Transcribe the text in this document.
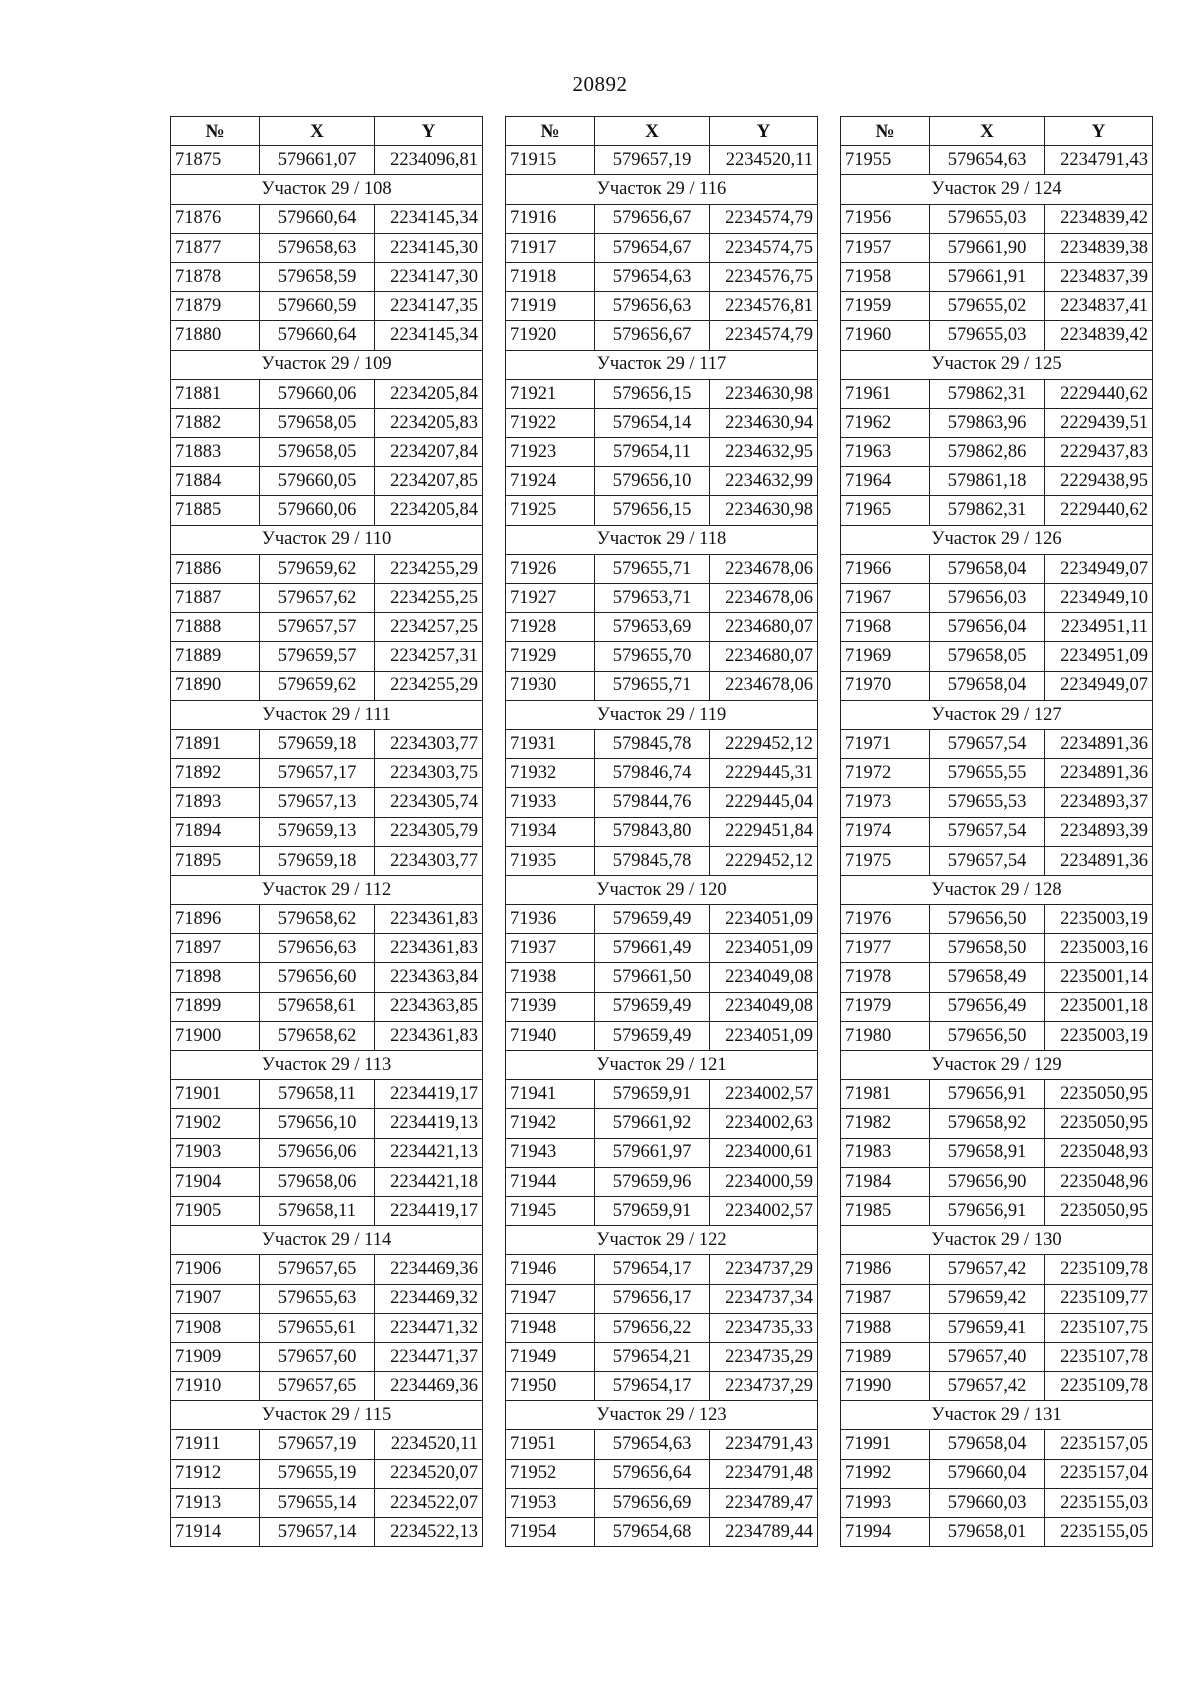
20892
№	X	Y
71875	579661,07	2234096,81
Участок 29 / 108		
71876	579660,64	2234145,34
71877	579658,63	2234145,30
71878	579658,59	2234147,30
71879	579660,59	2234147,35
71880	579660,64	2234145,34
Участок 29 / 109		
71881	579660,06	2234205,84
71882	579658,05	2234205,83
71883	579658,05	2234207,84
71884	579660,05	2234207,85
71885	579660,06	2234205,84
Участок 29 / 110		
71886	579659,62	2234255,29
71887	579657,62	2234255,25
71888	579657,57	2234257,25
71889	579659,57	2234257,31
71890	579659,62	2234255,29
Участок 29 / 111		
71891	579659,18	2234303,77
71892	579657,17	2234303,75
71893	579657,13	2234305,74
71894	579659,13	2234305,79
71895	579659,18	2234303,77
Участок 29 / 112		
71896	579658,62	2234361,83
71897	579656,63	2234361,83
71898	579656,60	2234363,84
71899	579658,61	2234363,85
71900	579658,62	2234361,83
Участок 29 / 113		
71901	579658,11	2234419,17
71902	579656,10	2234419,13
71903	579656,06	2234421,13
71904	579658,06	2234421,18
71905	579658,11	2234419,17
Участок 29 / 114		
71906	579657,65	2234469,36
71907	579655,63	2234469,32
71908	579655,61	2234471,32
71909	579657,60	2234471,37
71910	579657,65	2234469,36
Участок 29 / 115		
71911	579657,19	2234520,11
71912	579655,19	2234520,07
71913	579655,14	2234522,07
71914	579657,14	2234522,13
№	X	Y
71915	579657,19	2234520,11
Участок 29 / 116		
71916	579656,67	2234574,79
71917	579654,67	2234574,75
71918	579654,63	2234576,75
71919	579656,63	2234576,81
71920	579656,67	2234574,79
Участок 29 / 117		
71921	579656,15	2234630,98
71922	579654,14	2234630,94
71923	579654,11	2234632,95
71924	579656,10	2234632,99
71925	579656,15	2234630,98
Участок 29 / 118		
71926	579655,71	2234678,06
71927	579653,71	2234678,06
71928	579653,69	2234680,07
71929	579655,70	2234680,07
71930	579655,71	2234678,06
Участок 29 / 119		
71931	579845,78	2229452,12
71932	579846,74	2229445,31
71933	579844,76	2229445,04
71934	579843,80	2229451,84
71935	579845,78	2229452,12
Участок 29 / 120		
71936	579659,49	2234051,09
71937	579661,49	2234051,09
71938	579661,50	2234049,08
71939	579659,49	2234049,08
71940	579659,49	2234051,09
Участок 29 / 121		
71941	579659,91	2234002,57
71942	579661,92	2234002,63
71943	579661,97	2234000,61
71944	579659,96	2234000,59
71945	579659,91	2234002,57
Участок 29 / 122		
71946	579654,17	2234737,29
71947	579656,17	2234737,34
71948	579656,22	2234735,33
71949	579654,21	2234735,29
71950	579654,17	2234737,29
Участок 29 / 123		
71951	579654,63	2234791,43
71952	579656,64	2234791,48
71953	579656,69	2234789,47
71954	579654,68	2234789,44
№	X	Y
71955	579654,63	2234791,43
Участок 29 / 124		
71956	579655,03	2234839,42
71957	579661,90	2234839,38
71958	579661,91	2234837,39
71959	579655,02	2234837,41
71960	579655,03	2234839,42
Участок 29 / 125		
71961	579862,31	2229440,62
71962	579863,96	2229439,51
71963	579862,86	2229437,83
71964	579861,18	2229438,95
71965	579862,31	2229440,62
Участок 29 / 126		
71966	579658,04	2234949,07
71967	579656,03	2234949,10
71968	579656,04	2234951,11
71969	579658,05	2234951,09
71970	579658,04	2234949,07
Участок 29 / 127		
71971	579657,54	2234891,36
71972	579655,55	2234891,36
71973	579655,53	2234893,37
71974	579657,54	2234893,39
71975	579657,54	2234891,36
Участок 29 / 128		
71976	579656,50	2235003,19
71977	579658,50	2235003,16
71978	579658,49	2235001,14
71979	579656,49	2235001,18
71980	579656,50	2235003,19
Участок 29 / 129		
71981	579656,91	2235050,95
71982	579658,92	2235050,95
71983	579658,91	2235048,93
71984	579656,90	2235048,96
71985	579656,91	2235050,95
Участок 29 / 130		
71986	579657,42	2235109,78
71987	579659,42	2235109,77
71988	579659,41	2235107,75
71989	579657,40	2235107,78
71990	579657,42	2235109,78
Участок 29 / 131		
71991	579658,04	2235157,05
71992	579660,04	2235157,04
71993	579660,03	2235155,03
71994	579658,01	2235155,05
